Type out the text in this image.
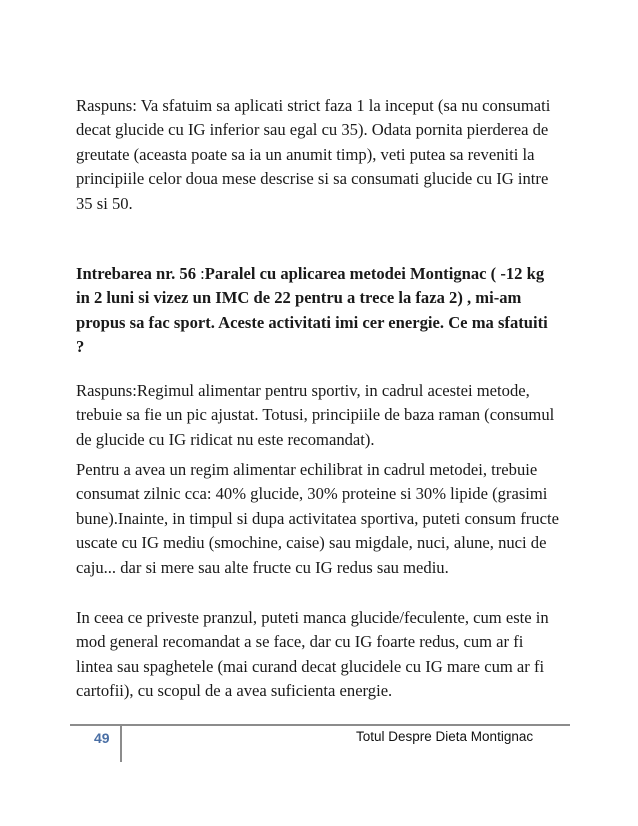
Raspuns: Va sfatuim sa aplicati strict faza 1 la inceput (sa nu consumati
decat glucide cu IG inferior sau egal cu 35). Odata pornita pierderea de
greutate (aceasta poate sa ia un anumit timp), veti putea sa reveniti la
principiile celor doua mese descrise si sa consumati glucide cu IG intre
35 si 50.
Intrebarea nr. 56 :Paralel cu aplicarea metodei Montignac ( -12 kg
in 2 luni si vizez un IMC de 22 pentru a trece la faza 2) , mi-am
propus sa fac sport. Aceste activitati imi cer energie. Ce ma sfatuiti
?
Raspuns:Regimul alimentar pentru sportiv, in cadrul acestei metode,
trebuie sa fie un pic ajustat. Totusi, principiile de baza raman (consumul
de glucide cu IG ridicat nu este recomandat).
Pentru a avea un regim alimentar echilibrat in cadrul metodei, trebuie
consumat zilnic cca: 40% glucide, 30% proteine si 30% lipide (grasimi
bune).Inainte, in timpul si dupa activitatea sportiva, puteti consum fructe
uscate cu IG mediu (smochine, caise) sau migdale, nuci, alune, nuci de
caju... dar si mere sau alte fructe cu IG redus sau mediu.
In ceea ce priveste pranzul, puteti manca glucide/feculente, cum este in
mod general recomandat a se face, dar cu IG foarte redus, cum ar fi
lintea sau spaghetele (mai curand decat glucidele cu IG mare cum ar fi
cartofii), cu scopul de a avea suficienta energie.
49	Totul Despre Dieta Montignac
